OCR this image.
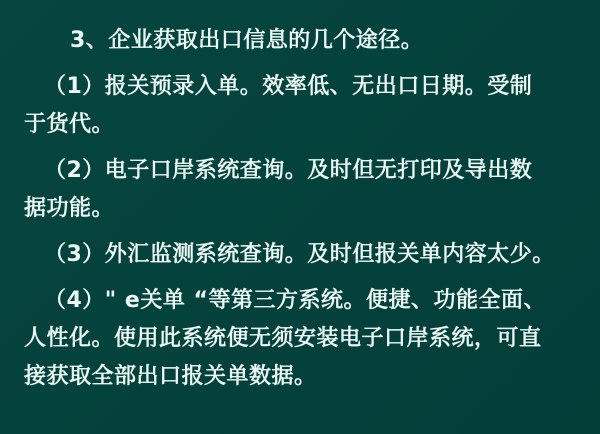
3、企业获取出口信息的几个途径。

（1）报关预录入单。效率低、无出口日期。受制
于货代。

（2）电子口岸系统查询。及时但无打印及导出数
据功能。

（3）外汇监测系统查询。及时但报关单内容太少。

（4）" e关单 “等第三方系统。便捷、功能全面、
人性化。使用此系统便无须安装电子口岸系统，可直
接获取全部出口报关单数据。
